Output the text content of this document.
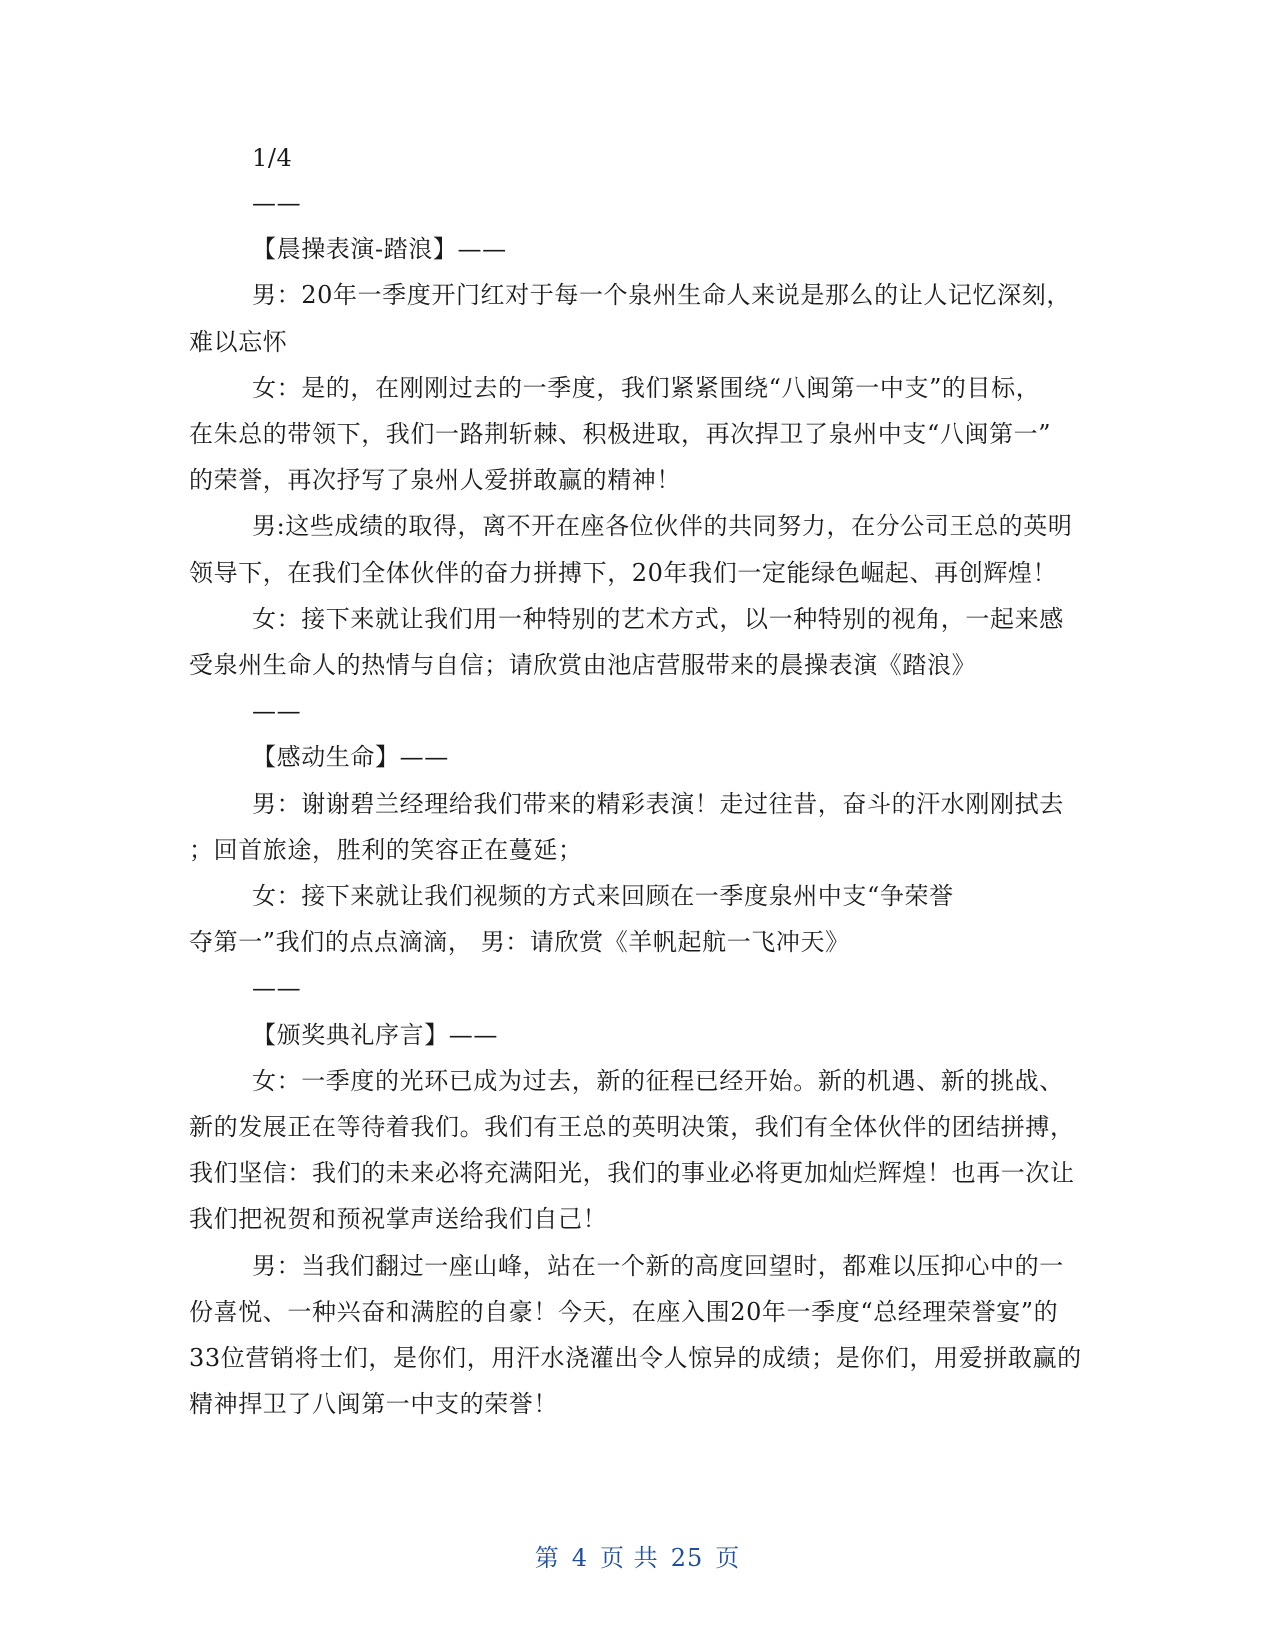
1/4
——
【晨操表演-踏浪】——
男：20年一季度开门红对于每一个泉州生命人来说是那么的让人记忆深刻，
难以忘怀
女：是的，在刚刚过去的一季度，我们紧紧围绕“八闽第一中支”的目标，
在朱总的带领下，我们一路荆斩棘、积极进取，再次捍卫了泉州中支“八闽第一”
的荣誉，再次抒写了泉州人爱拼敢赢的精神！
男:这些成绩的取得，离不开在座各位伙伴的共同努力，在分公司王总的英明
领导下，在我们全体伙伴的奋力拼搏下，20年我们一定能绿色崛起、再创辉煌！
女：接下来就让我们用一种特别的艺术方式，以一种特别的视角，一起来感
受泉州生命人的热情与自信；请欣赏由池店营服带来的晨操表演《踏浪》
——
【感动生命】——
男：谢谢碧兰经理给我们带来的精彩表演！走过往昔，奋斗的汗水刚刚拭去
；回首旅途，胜利的笑容正在蔓延；
女：接下来就让我们视频的方式来回顾在一季度泉州中支“争荣誉
夺第一”我们的点点滴滴， 男：请欣赏《羊帆起航一飞冲天》
——
【颁奖典礼序言】——
女：一季度的光环已成为过去，新的征程已经开始。新的机遇、新的挑战、
新的发展正在等待着我们。我们有王总的英明决策，我们有全体伙伴的团结拼搏，
我们坚信：我们的未来必将充满阳光，我们的事业必将更加灿烂辉煌！也再一次让
我们把祝贺和预祝掌声送给我们自己！
男：当我们翻过一座山峰，站在一个新的高度回望时，都难以压抑心中的一
份喜悦、一种兴奋和满腔的自豪！今天，在座入围20年一季度“总经理荣誉宴”的
33位营销将士们，是你们，用汗水浇灌出令人惊异的成绩；是你们，用爱拼敢赢的
精神捍卫了八闽第一中支的荣誉！
第 4 页 共 25 页
